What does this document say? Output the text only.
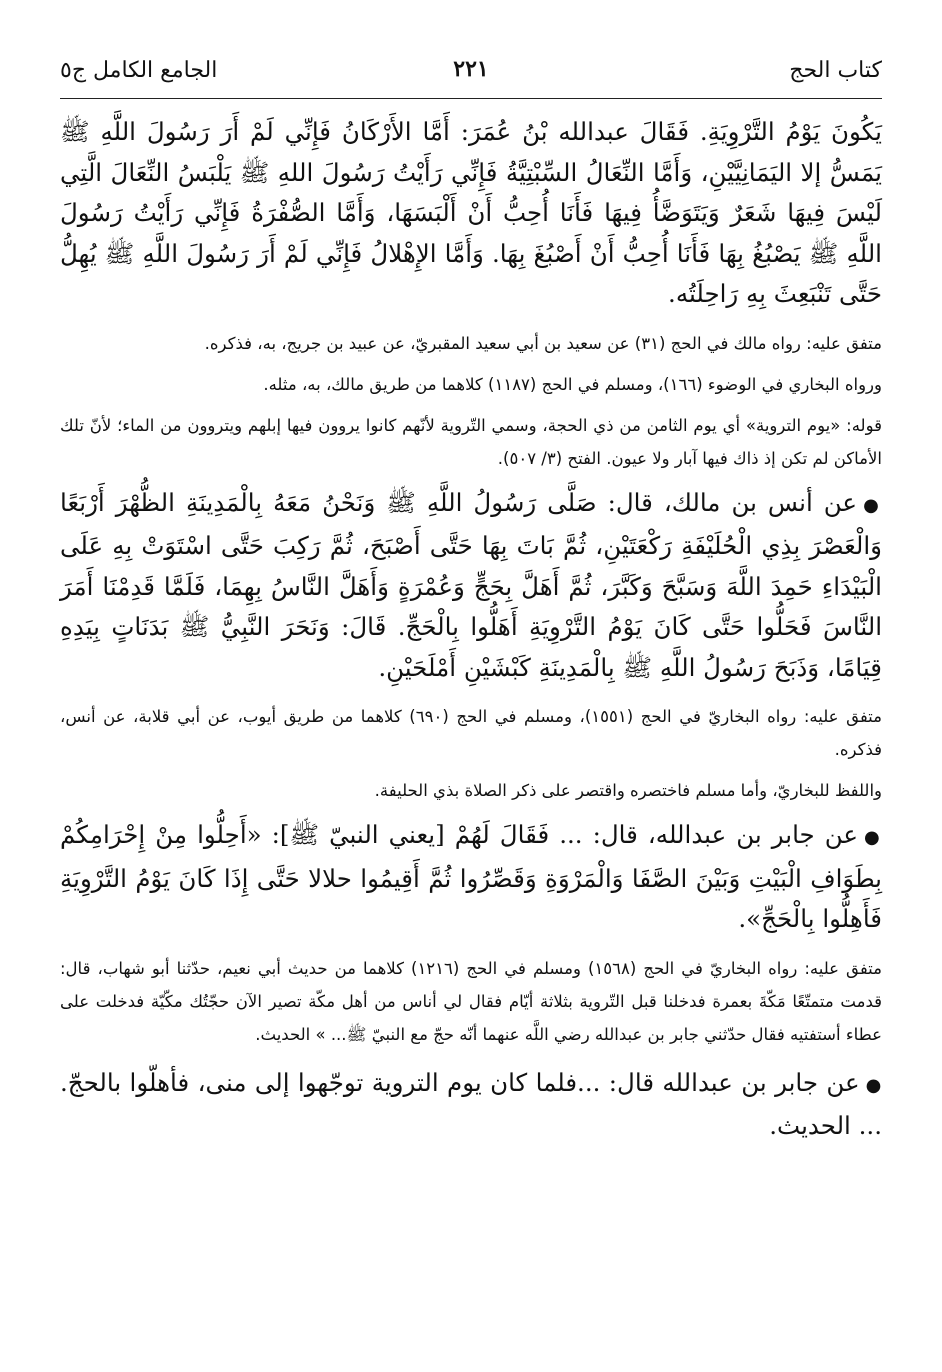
كتاب الحج
٢٢١
الجامع الكامل ج٥

يَكُونَ يَوْمُ التَّرْوِيَةِ. فَقَالَ عبدالله بْنُ عُمَرَ: أَمَّا الأَرْكَانُ فَإِنِّي لَمْ أَرَ رَسُولَ اللَّهِ ﷺ يَمَسُّ إلا اليَمَانِيَّيْنِ، وَأَمَّا النِّعَالُ السِّبْتِيَّةُ فَإِنِّي رَأَيْتُ رَسُولَ اللهِ ﷺ يَلْبَسُ النِّعَالَ الَّتِي لَيْسَ فِيهَا شَعَرٌ وَيَتَوَضَّأُ فِيهَا فَأَنَا أُحِبُّ أَنْ أَلْبَسَهَا، وَأَمَّا الصُّفْرَةُ فَإِنِّي رَأَيْتُ رَسُولَ اللَّهِ ﷺ يَصْبُغُ بِهَا فَأَنَا أُحِبُّ أَنْ أَصْبُغَ بِهَا. وَأَمَّا الإِهْلالُ فَإِنِّي لَمْ أَرَ رَسُولَ اللَّهِ ﷺ يُهِلُّ حَتَّى تَنْبَعِثَ بِهِ رَاحِلَتُه.

متفق عليه: رواه مالك في الحج (٣١) عن سعيد بن أبي سعيد المقبريّ، عن عبيد بن جريج، به، فذكره.

ورواه البخاري في الوضوء (١٦٦)، ومسلم في الحج (١١٨٧) كلاهما من طريق مالك، به، مثله.

قوله: «يوم التروية» أي يوم الثامن من ذي الحجة، وسمي التّروية لأنّهم كانوا يروون فيها إبلهم ويتروون من الماء؛ لأنّ تلك الأماكن لم تكن إذ ذاك فيها آبار ولا عيون. الفتح (٣/ ٥٠٧).

●عن أنس بن مالك، قال: صَلَّى رَسُولُ اللَّهِ ﷺ وَنَحْنُ مَعَهُ بِالْمَدِينَةِ الظُّهْرَ أَرْبَعًا وَالْعَصْرَ بِذِي الْحُلَيْفَةِ رَكْعَتَيْنِ، ثُمَّ بَاتَ بِهَا حَتَّى أَصْبَحَ، ثُمَّ رَكِبَ حَتَّى اسْتَوَتْ بِهِ عَلَى الْبَيْدَاءِ حَمِدَ اللَّهَ وَسَبَّحَ وَكَبَّرَ، ثُمَّ أَهَلَّ بِحَجٍّ وَعُمْرَةٍ وَأَهَلَّ النَّاسُ بِهِمَا، فَلَمَّا قَدِمْنَا أَمَرَ النَّاسَ فَحَلُّوا حَتَّى كَانَ يَوْمُ التَّرْوِيَةِ أَهَلُّوا بِالْحَجِّ. قَالَ: وَنَحَرَ النَّبِيُّ ﷺ بَدَنَاتٍ بِيَدِهِ قِيَامًا، وَذَبَحَ رَسُولُ اللَّهِ ﷺ بِالْمَدِينَةِ كَبْشَيْنِ أَمْلَحَيْنِ.

متفق عليه: رواه البخاريّ في الحج (١٥٥١)، ومسلم في الحج (٦٩٠) كلاهما من طريق أيوب، عن أبي قلابة، عن أنس، فذكره.

واللفظ للبخاريّ، وأما مسلم فاختصره واقتصر على ذكر الصلاة بذي الحليفة.

●عن جابر بن عبدالله، قال: ... فَقَالَ لَهُمْ [يعني النبيّ ﷺ]: «أَحِلُّوا مِنْ إِحْرَامِكُمْ بِطَوَافِ الْبَيْتِ وَبَيْنَ الصَّفَا وَالْمَرْوَةِ وَقَصِّرُوا ثُمَّ أَقِيمُوا حلالا حَتَّى إِذَا كَانَ يَوْمُ التَّرْوِيَةِ فَأَهِلُّوا بِالْحَجِّ».

متفق عليه: رواه البخاريّ في الحج (١٥٦٨) ومسلم في الحج (١٢١٦) كلاهما من حديث أبي نعيم، حدّثنا أبو شهاب، قال: قدمت متمتّعًا مَكّةَ بعمرة فدخلنا قبل التّروية بثلاثة أيّام فقال لي أناس من أهل مكّة تصير الآن حجّتُك مكّيّة فدخلت على عطاء أستفتيه فقال حدّثني جابر بن عبدالله رضي اللَّه عنهما أنّه حجّ مع النبيّ ﷺ... » الحديث.

●عن جابر بن عبدالله قال: ...فلما كان يوم التروية توجّهوا إلى منى، فأهلّوا بالحجّ. ... الحديث.
